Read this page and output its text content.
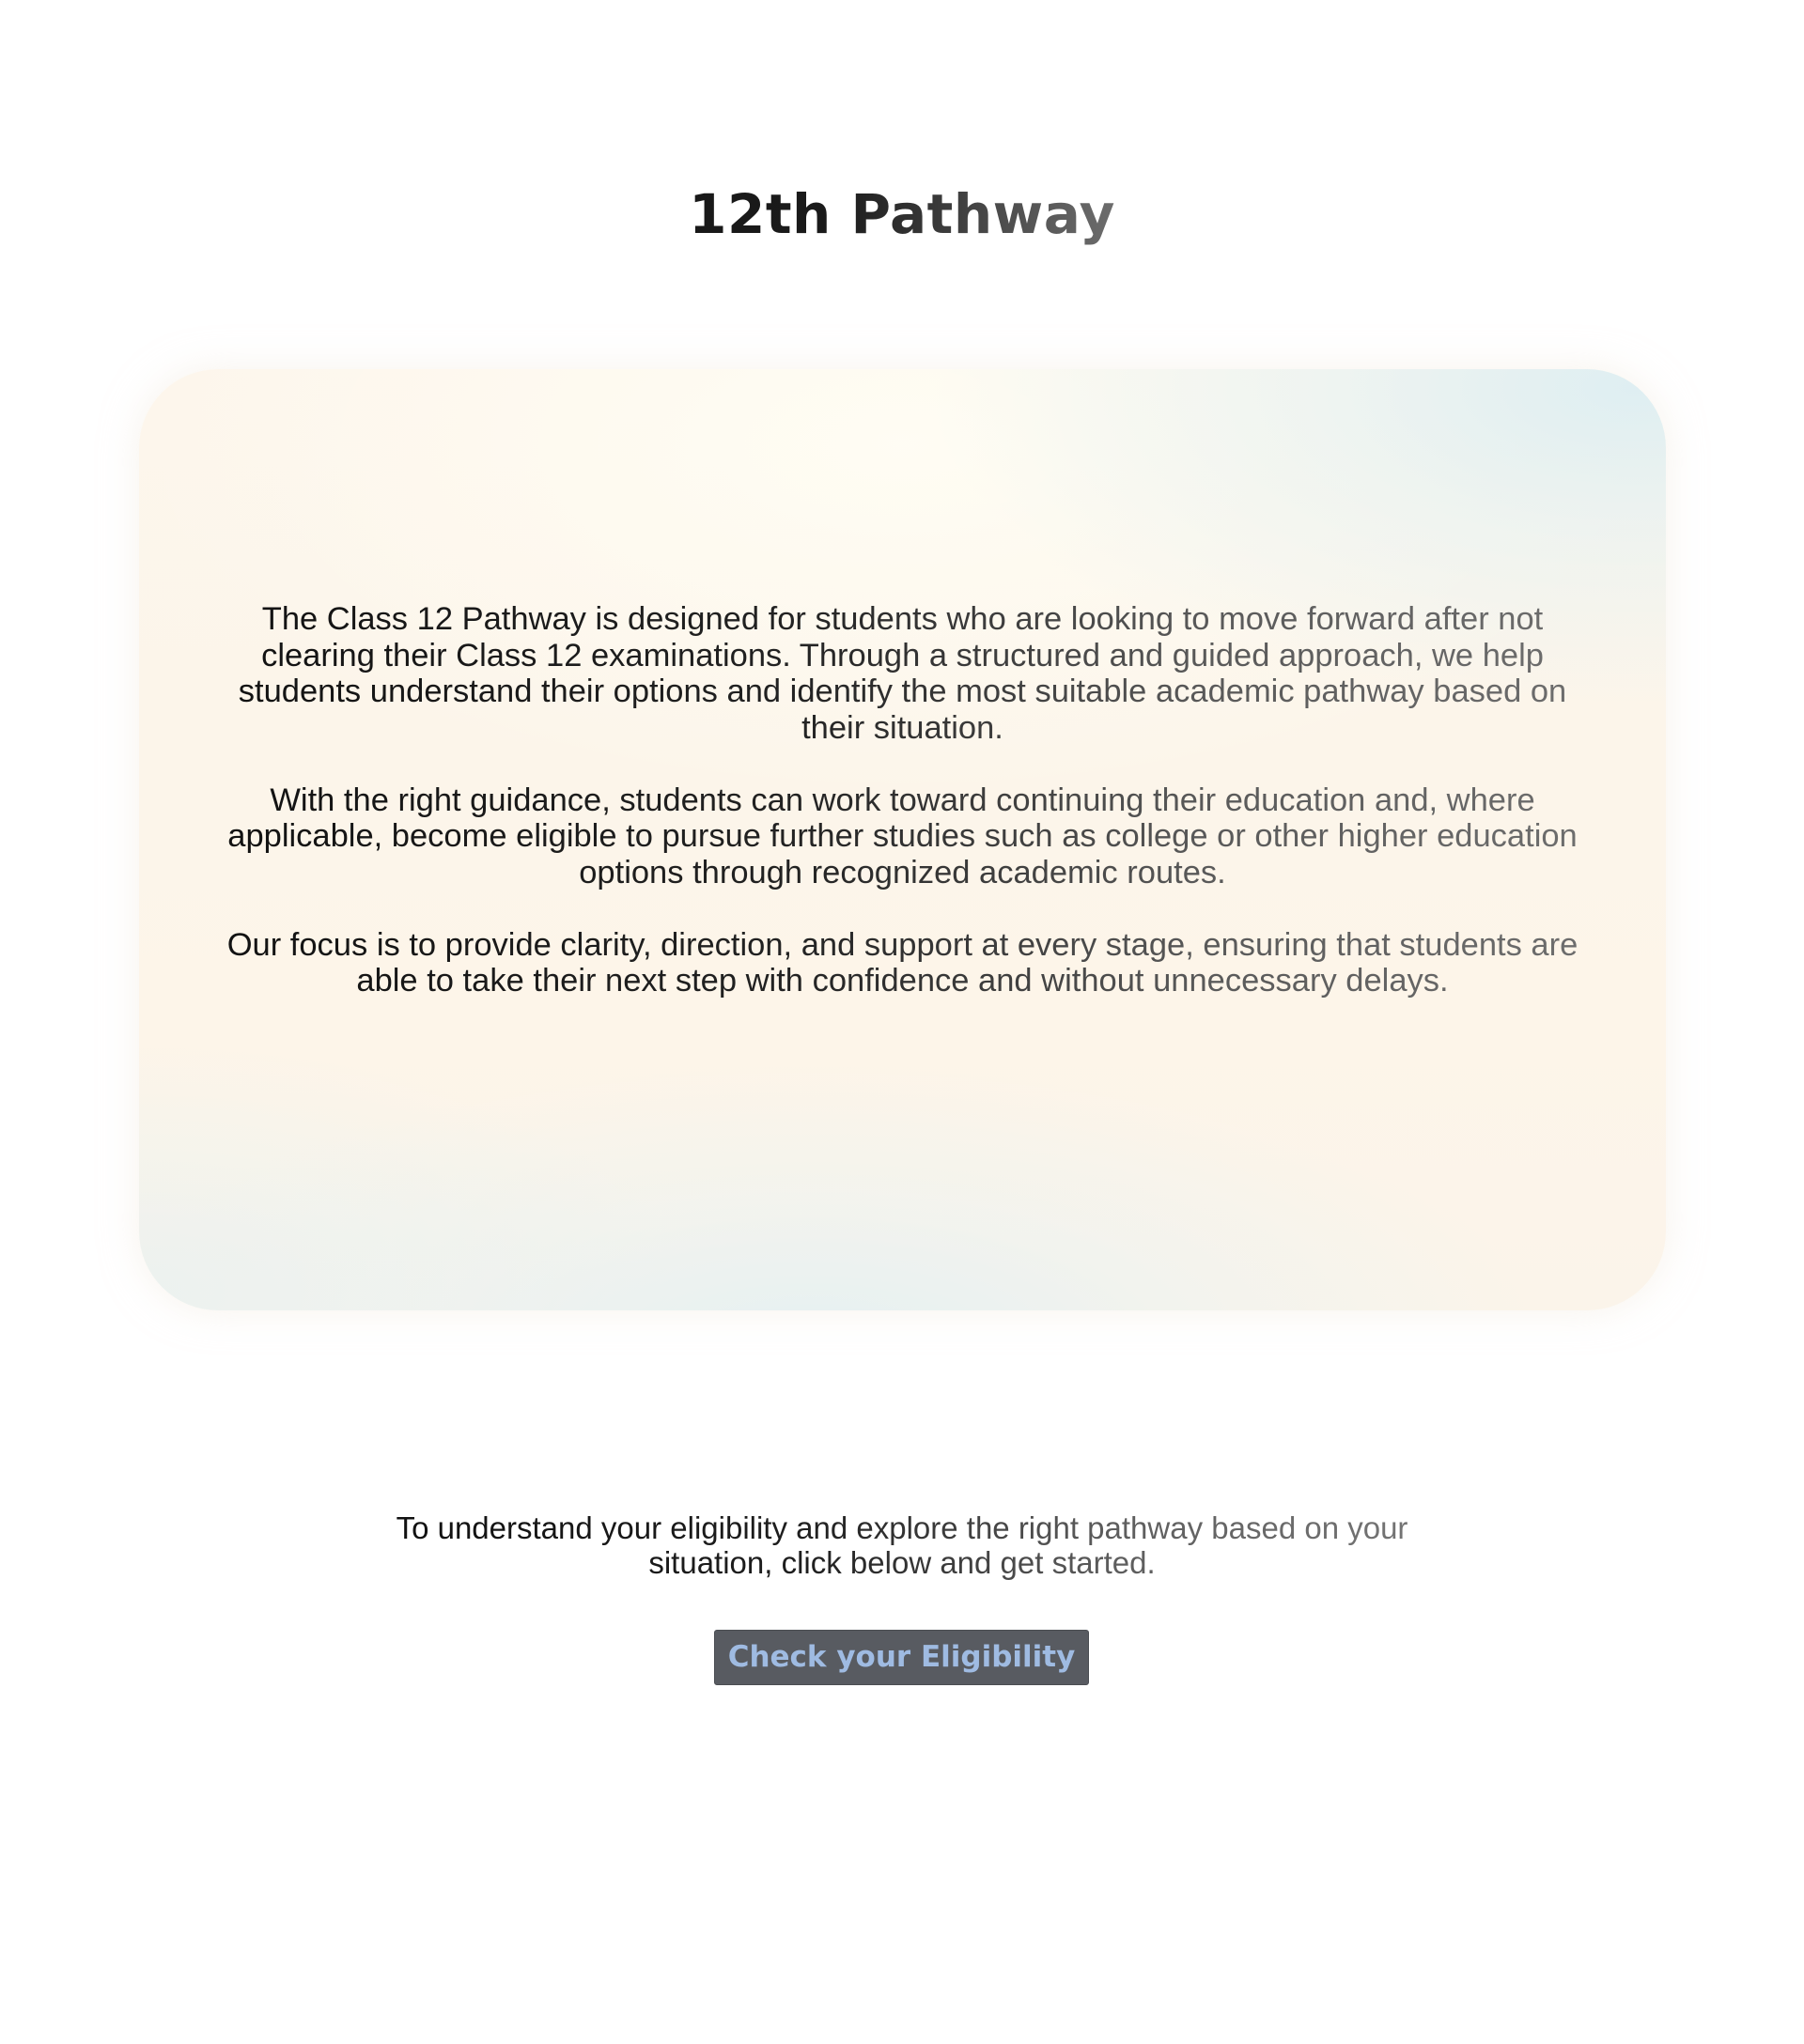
12th Pathway

The Class 12 Pathway is designed for students who are looking to move forward after not clearing their Class 12 examinations. Through a structured and guided approach, we help students understand their options and identify the most suitable academic pathway based on their situation.

With the right guidance, students can work toward continuing their education and, where applicable, become eligible to pursue further studies such as college or other higher education options through recognized academic routes.

Our focus is to provide clarity, direction, and support at every stage, ensuring that students are able to take their next step with confidence and without unnecessary delays.

To understand your eligibility and explore the right pathway based on your situation, click below and get started.

Check your Eligibility
